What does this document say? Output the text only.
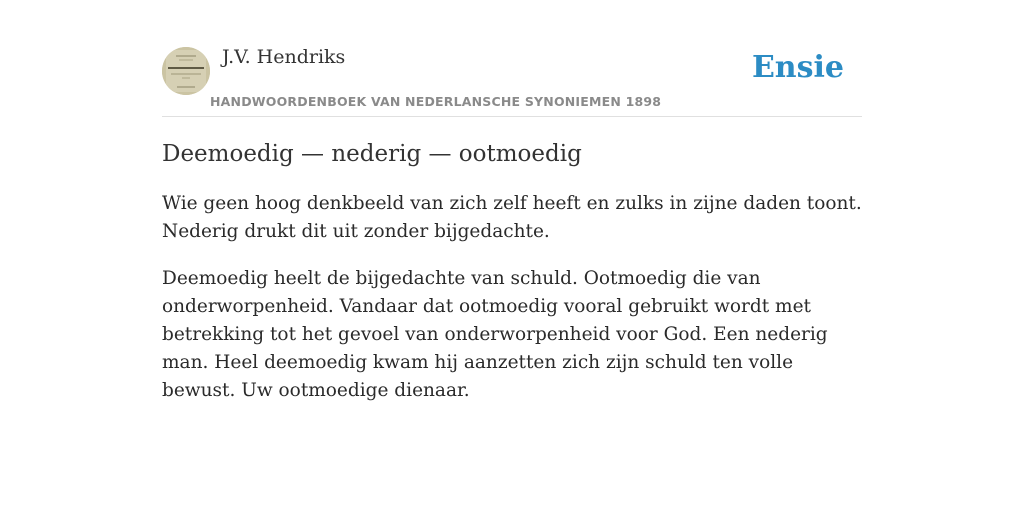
J.V. Hendriks
HANDWOORDENBOEK VAN NEDERLANSCHE SYNONIEMEN 1898
Ensie
Deemoedig — nederig — ootmoedig

Wie geen hoog denkbeeld van zich zelf heeft en zulks in zijne daden toont. Nederig drukt dit uit zonder bijgedachte.

Deemoedig heelt de bijgedachte van schuld. Ootmoedig die van onderworpenheid. Vandaar dat ootmoedig vooral gebruikt wordt met betrekking tot het gevoel van onderworpenheid voor God. Een nederig man. Heel deemoedig kwam hij aanzetten zich zijn schuld ten volle bewust. Uw ootmoedige dienaar.
